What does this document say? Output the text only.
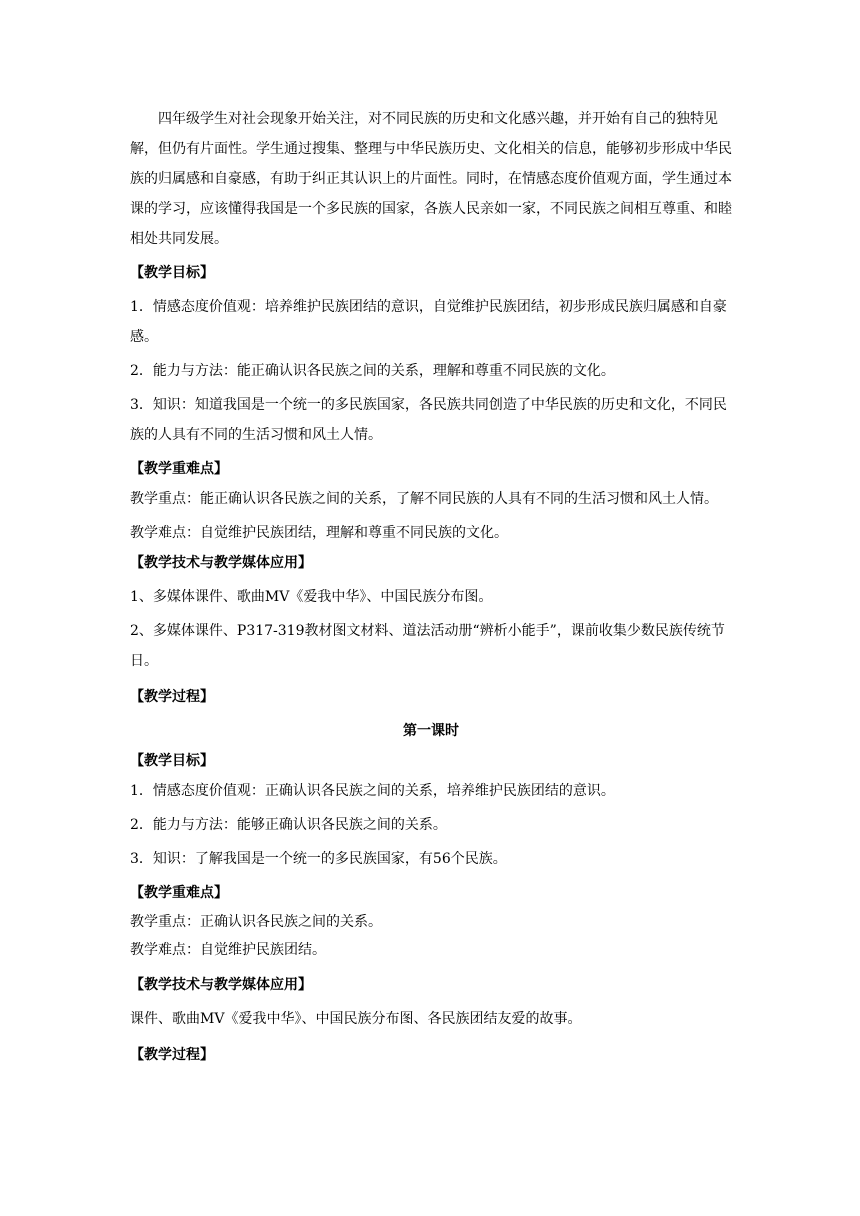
四年级学生对社会现象开始关注，对不同民族的历史和文化感兴趣，并开始有自己的独特见解，但仍有片面性。学生通过搜集、整理与中华民族历史、文化相关的信息，能够初步形成中华民族的归属感和自豪感，有助于纠正其认识上的片面性。同时，在情感态度价值观方面，学生通过本课的学习，应该懂得我国是一个多民族的国家，各族人民亲如一家，不同民族之间相互尊重、和睦相处共同发展。

【教学目标】

1．情感态度价值观：培养维护民族团结的意识，自觉维护民族团结，初步形成民族归属感和自豪感。

2．能力与方法：能正确认识各民族之间的关系，理解和尊重不同民族的文化。

3．知识：知道我国是一个统一的多民族国家，各民族共同创造了中华民族的历史和文化，不同民族的人具有不同的生活习惯和风土人情。

【教学重难点】

教学重点：能正确认识各民族之间的关系，了解不同民族的人具有不同的生活习惯和风土人情。

教学难点：自觉维护民族团结，理解和尊重不同民族的文化。

【教学技术与教学媒体应用】

1、多媒体课件、歌曲MV《爱我中华》、中国民族分布图。

2、多媒体课件、P317-319教材图文材料、道法活动册“辨析小能手”，课前收集少数民族传统节日。

【教学过程】

第一课时

【教学目标】

1．情感态度价值观：正确认识各民族之间的关系，培养维护民族团结的意识。

2．能力与方法：能够正确认识各民族之间的关系。

3．知识：了解我国是一个统一的多民族国家，有56个民族。

【教学重难点】

教学重点：正确认识各民族之间的关系。

教学难点：自觉维护民族团结。

【教学技术与教学媒体应用】

课件、歌曲MV《爱我中华》、中国民族分布图、各民族团结友爱的故事。

【教学过程】
